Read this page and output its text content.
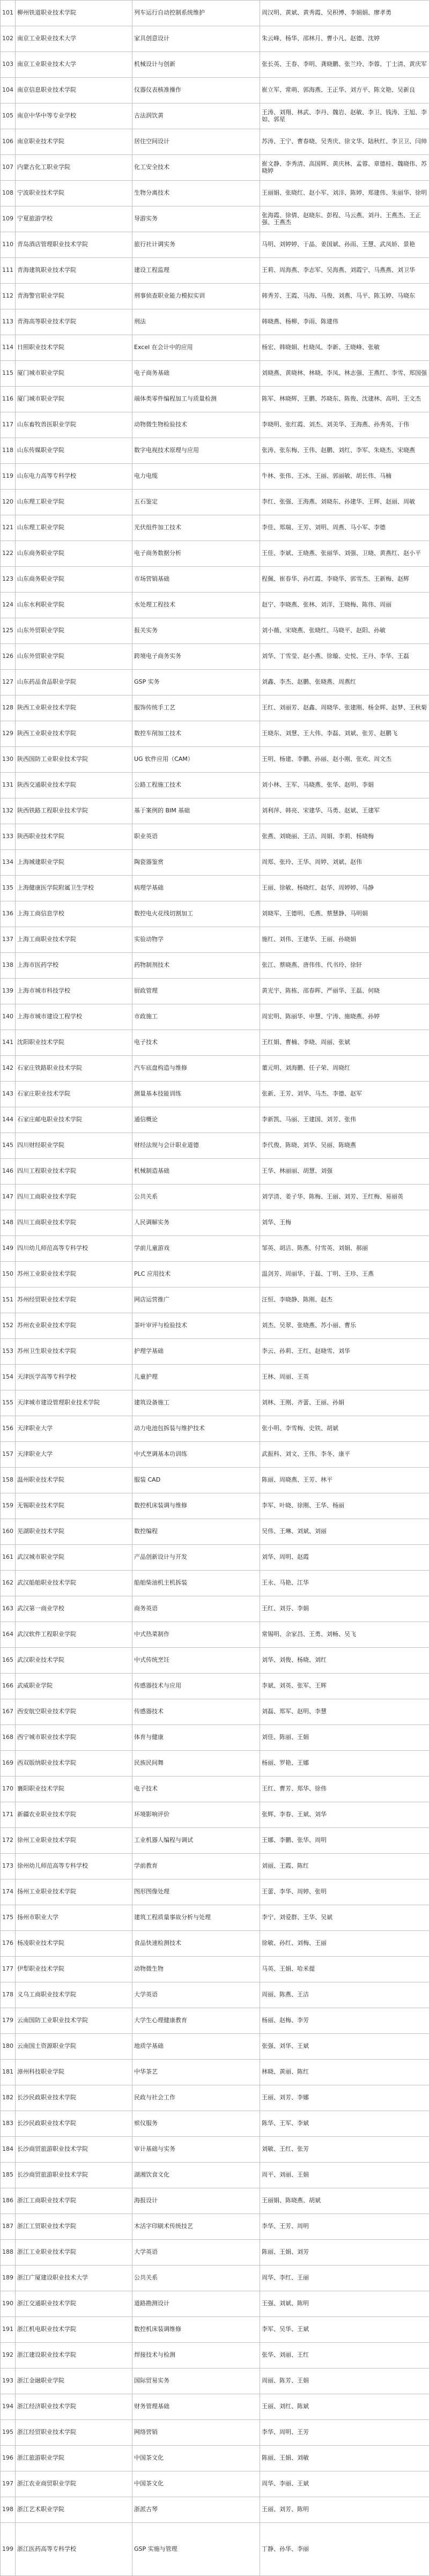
101	柳州铁道职业技术学院	列车运行自动控制系统维护	周汉明、黄斌、黄秀霞、吴积博、李娟娟、廖孝勇
102	南京工业职业技术大学	家具创意设计	朱云峰、杨华、邵林月、曹小凡、赵德、沈婷
103	南京工业职业技术大学	机械设计与创新	张长英、王春、李明、龚晓鹏、张兰玲、李蓉、丁士清、黄庆军
104	南京信息职业技术学院	仪器仪表核准操作	崔立军、常萌、郭海燕、王正华、刘方平、陈文艳、吴新良
105	南京中华中等专业学校	古法润饮黄	王涛、刘翔、林武、李丹、魏岩、赵敏、李卫、钱涛、王旭、李如、郭星
106	南京职业技术学院	居住空间设计	苏涛、王宁、曹春晓、吴秀庆、徐文华、陆秋红、李卫卫、闫帅
107	内蒙古化工职业学院	化工安全技术	崔文静、李秀清、高国辉、黄庆林、孟蓉、章德桂、魏晓伟、苏晓婷
108	宁波职业技术学院	生物分离技术	王丽娟、张晓红、赵小军、刘洋、陈婷、郑建伟、朱丽华、徐明
109	宁夏旅游学校	导游实务	张海霞、徐倩、赵晓东、彭程、马云燕、刘丹、王燕杰、王正强、王燕杰
110	青岛酒店管理职业技术学院	旅行社计调实务	马明、刘婷婷、于晶、姜国斌、孙雨、王慧、武凤娇、景艳
111	青海建筑职业技术学院	建设工程监理	王莉、周海燕、李志军、吴海燕、刘霞宁、马燕燕、刘卫华
112	青海警官职业学院	刑事侦查职业能力模拟实训	韩秀芳、王霞、马海、马俊、刘燕、马平、陈玉婷、马晓东
113	青海高等职业技术学院	刑法	韩晓燕、杨柳、李雨、陈建伟
114	日照职业技术学院	Excel 在会计中的应用	杨宏、韩晓娟、杜晓凤、李新、王晓峰、张敏
115	厦门城市职业学院	电子商务基础	刘晓燕、黄晓林、林晓、李凤、林志强、王燕红、李雪、郑国强
116	厦门城市职业学院	端体类零件编程加工与质量检测	陈军、林晓辉、王鹏、苏晓东、陈俊、沈建林、高明、王文杰
117	山东畜牧兽医职业学院	动物微生物检验技术	李晓明、张红霞、刘杰、刘美华、王海燕、孙秀英、于伟
118	山东传媒职业学院	数字电视技术原理与应用	张涛、张东梅、王伟、赵鹏、刘红、李军、朱晓杰、宋晓燕
119	山东电力高等专科学校	电力电缆	牛林、张伟、王冰、王丽、郭丽敏、胡长伟、马楠
120	山东理工职业学院	五石鉴定	李红、张强、王海燕、刘晓东、孙建华、王辉、赵丽、周敏
121	山东理工职业学院	光伏组件加工技术	李佳、郑瑞、王芳、刘明、周燕、马小军、李德
122	山东商务职业学院	电子商务数据分析	王佳、李斌、王晓燕、张丽华、刘强、卫晓、黄燕红、赵小平
123	山东商务职业学院	市场营销基础	程佩、崔春华、孙红霞、李晓华、郭雪杰、王新梅、赵辉
124	山东水利职业学院	水处理工程技术	赵宁、李晓燕、张林、刘洋、王晓梅、陈伟、周丽
125	山东外贸职业学院	报关实务	刘小薇、宋晓燕、张晓红、马晓平、赵阳、孙敏
126	山东外贸职业学院	跨境电子商务实务	刘华、丁雪莹、赵小燕、徐璇、史悦、王丹、李华、王磊
127	山东药品食品职业学院	GSP 实务	刘鑫、李杰、赵鹏、张晓燕、周燕红
128	陕西工业职业技术学院	服饰传统手工艺	王红、刘丽芳、赵鑫、周晓华、张建刚、杨金辉、赵梦、王秋菊
129	陕西工业职业技术学院	数控车削加工技术	王晓东、刘慧、王大伟、李磊、刘斌、张芳、赵鹏飞
130	陕西国防工业职业技术学院	UG 软件应用（CAM）	王明、杨建、李鹏、孙丽、赵小刚、张欢、周文杰
131	陕西交通职业技术学院	公路工程施工技术	刘小林、王军、马晓燕、张华、赵明、李娟
132	陕西铁路工程职业技术学院	基于案例的 BIM 基础	刘利萍、韩亮、宋建华、马勇、赵斌、王建军
133	陕西职业技术学院	职业英语	张燕、刘晓丽、王洁、周娟、李莉、杨晓梅
134	上海城建职业学院	陶瓷器鉴赏	周郑、张玲、王华、周婷、刘斌、赵伟
135	上海健康医学院附属卫生学校	病理学基础	王丽、徐敏、杨晓红、赵华、周婷婷、马静
136	上海工商信息学校	数控电火花线切割加工	刘晓军、王德明、毛燕、蔡慧静、马明娟
137	上海工商职业技术学院	实验动物学	施红、刘伟、王建华、王丽、孙晓娟
138	上海市医药学校	药物制剂技术	张江、蔡晓燕、唐伟伟、代书玲、徐轩
139	上海市城市科技学校	厨政管理	黄光宇、陈栋、邵春晖、严丽华、王磊、何晓
140	上海市城市建设工程学校	市政施工	周宏明、陈丽华、申慧、宁涛、施晓燕、孙婷
141	沈阳职业技术学院	电子技术	王红娟、曹楠、李晓、周丽、张斌
142	石家庄铁路职业技术学院	汽车底盘构造与维修	董元明、刘海鹏、任子荣、周晓红
143	石家庄职业技术学院	测量基本技能训练	张新、王芳、刘华、马杰、李德、赵军
144	石家庄邮电职业技术学院	通信概论	李新凯、马丽、王建国、刘芳、张伟
145	四川财经职业学院	财经法规与会计职业道德	李代俊、陈晓、刘华、吴丽、陈晓燕
146	四川工程职业技术学院	机械制造基础	王华、林丽丽、胡慧、刘强
147	四川工商职业技术学院	公共关系	刘学清、姜子华、陈梅、王丽、刘芳、王红梅、易丽英
148	四川工商职业技术学院	人民调解实务	刘华、王梅
149	四川幼儿师范高等专科学校	学前儿童游戏	邹英、胡洁、陈燕、付雪英、刘娟、郝丽
150	苏州工业职业技术学院	PLC 应用技术	温剑芳、周丽华、于磊、丁明、王珍、王燕
151	苏州经贸职业技术学院	网店运营推广	汪恒、李晓静、陈刚、赵杰
152	苏州农业职业技术学院	茶叶审评与检验技术	刘杰、吴翠、张晓燕、苏小丽、曹乐
153	苏州卫生职业技术学院	护理学基础	李云、孙莉、王红、赵晓雪、刘华
154	天津医学高等专科学校	儿童护理	王林、周丽、王英
155	天津城市建设管理职业技术学院	建筑设备施工	刘林、王刚、齐蕾、王丽、孙娟
156	天津职业大学	动力电池包拆装与维护技术	张小明、李雪梅、史铁、胡斌
157	天津职业大学	中式烹调基本功训练	武振科、刘文、王伟、李冬、康平
158	温州职业技术学院	服装 CAD	陈丽、周晓燕、王芳、林平
159	无锡职业技术学院	数控机床装调与维修	李军、叶晓、徐刚、王华、杨丽
160	芜湖职业技术学院	数控编程	吴伟、王琳、刘斌、刘丽
161	武汉城市职业学院	产品创新设计与开发	刘华、周明、赵霞
162	武汉船舶职业技术学院	船舶柴油机主机拆装	王永、马艳、江华
163	武汉第一商业学校	商务英语	王红、刘芬、李娟
164	武汉软件工程职业学院	中式热菜制作	常锡明、余家昌、王勇、刘畅、吴飞
165	武汉职业技术学院	中式传统烹饪	刘华、刘俊、杨晓、刘红
166	武威职业学院	传感器技术与应用	李斌、刘英、张军、王辉
167	西安航空职业技术学院	传感器技术	刘磊、郑军、赵明、李慧
168	西宁城市职业技术学院	体育与健康	刘佳、陈丽、王娟
169	西双版纳职业技术学院	民族民间舞	杨丽、罗艳、王娜
170	襄阳职业技术学院	电子技术	王红、曹芳、郑华、徐伟
171	新疆农业职业技术学院	环境影响评价	张辉、李春、王斌、刘华
172	徐州工业职业技术学院	工业机器人编程与调试	王娜、李鹏、张华、周明
173	徐州幼儿师范高等专科学校	学前教育	刘丽、王霞、陈红
174	扬州工业职业技术学院	图形图像处理	王蕾、李华、周婷、张明
175	扬州市职业大学	建筑工程质量事故分析与处理	李宁、刘爱群、王华、吴斌
176	杨凌职业技术学院	食品快速检测技术	徐敏、孙红、刘梅、王丽
177	伊犁职业技术学院	动物微生物	马英、王娟、哈米提
178	义乌工商职业技术学院	大学英语	周丽、陈燕、王洁
179	云南国防工业职业技术学院	大学生心理健康教育	杨丽、赵梅、李芳
180	云南国土资源职业学院	地质学基础	张强、刘华、王斌
181	漳州科技职业学院	中华茶艺	林晓、黄丽、陈红
182	长沙民政职业技术学院	民政与社会工作	王丽、刘芳、李娜
183	长沙民政职业技术学院	殡仪服务	陈华、王军、李斌
184	长沙商贸旅游职业技术学院	审计基础与实务	刘敏、王红、张芳
185	长沙商贸旅游职业技术学院	湖湘饮食文化	周平、刘丽、王娟
186	浙江工商职业技术学院	海报设计	王丽娟、陈晓燕、胡斌
187	浙江工贸职业技术学院	木活字印刷术传统技艺	李华、王芳、周明
188	浙江工业职业技术学院	大学英语	陈丽、王娟、刘芳
189	浙江广厦建设职业技术大学	公共关系	周华、李红、王丽
190	浙江交通职业技术学院	道路勘测设计	王强、刘斌、陈明
191	浙江机电职业技术学院	数控机床装调维修	李军、吴华、王斌
192	浙江建设职业技术学院	焊接技术与检测	张华、刘丽、王红
193	浙江金融职业学院	国际贸易实务	周丽、陈芳、王娟
194	浙江经济职业技术学院	财务管理基础	王丽、刘红、陈斌
195	浙江经贸职业技术学院	网络营销	李华、周明、王芳
196	浙江旅游职业学院	中国茶文化	陈丽、王娟、刘敏
197	浙江农业商贸职业学院	中国茶文化	周华、李丽、王斌
198	浙江艺术职业学院	浙派古琴	王丽、刘芳、陈明
199	浙江医药高等专科学校	GSP 实施与管理	丁静、孙华、李丽
